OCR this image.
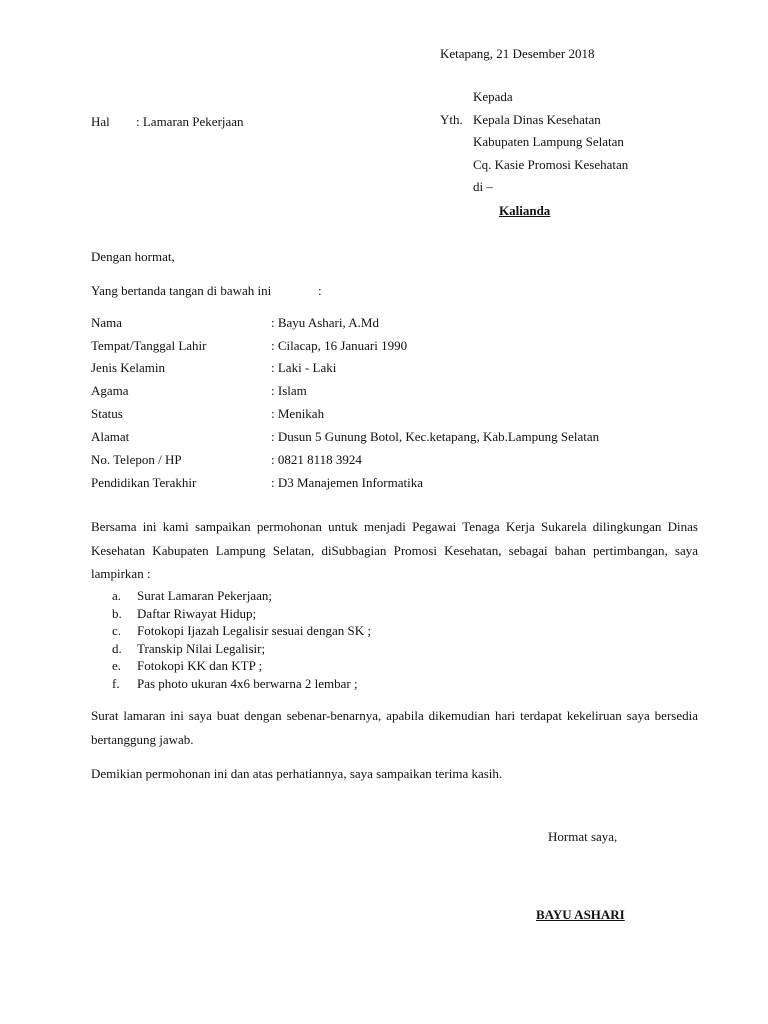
Ketapang, 21 Desember 2018
Kepada
Yth. Kepala Dinas Kesehatan
Kabupaten Lampung Selatan
Cq. Kasie Promosi Kesehatan
di –
Kalianda
Hal : Lamaran Pekerjaan
Dengan hormat,
Yang bertanda tangan di bawah ini	:
Nama	: Bayu Ashari, A.Md
Tempat/Tanggal Lahir	: Cilacap, 16 Januari 1990
Jenis Kelamin	: Laki - Laki
Agama	: Islam
Status	: Menikah
Alamat	: Dusun 5 Gunung Botol, Kec.ketapang, Kab.Lampung Selatan
No. Telepon / HP	: 0821 8118 3924
Pendidikan Terakhir	: D3 Manajemen Informatika
Bersama ini kami sampaikan permohonan untuk menjadi Pegawai Tenaga Kerja Sukarela dilingkungan Dinas Kesehatan Kabupaten Lampung Selatan, diSubbagian Promosi Kesehatan, sebagai bahan pertimbangan, saya lampirkan :
a. Surat Lamaran Pekerjaan;
b. Daftar Riwayat Hidup;
c. Fotokopi Ijazah Legalisir sesuai dengan SK ;
d. Transkip Nilai Legalisir;
e. Fotokopi KK dan KTP ;
f. Pas photo ukuran 4x6 berwarna 2 lembar ;
Surat lamaran ini saya buat dengan sebenar-benarnya, apabila dikemudian hari terdapat kekeliruan saya bersedia bertanggung jawab.
Demikian permohonan ini dan atas perhatiannya, saya sampaikan terima kasih.
Hormat saya,
BAYU ASHARI
